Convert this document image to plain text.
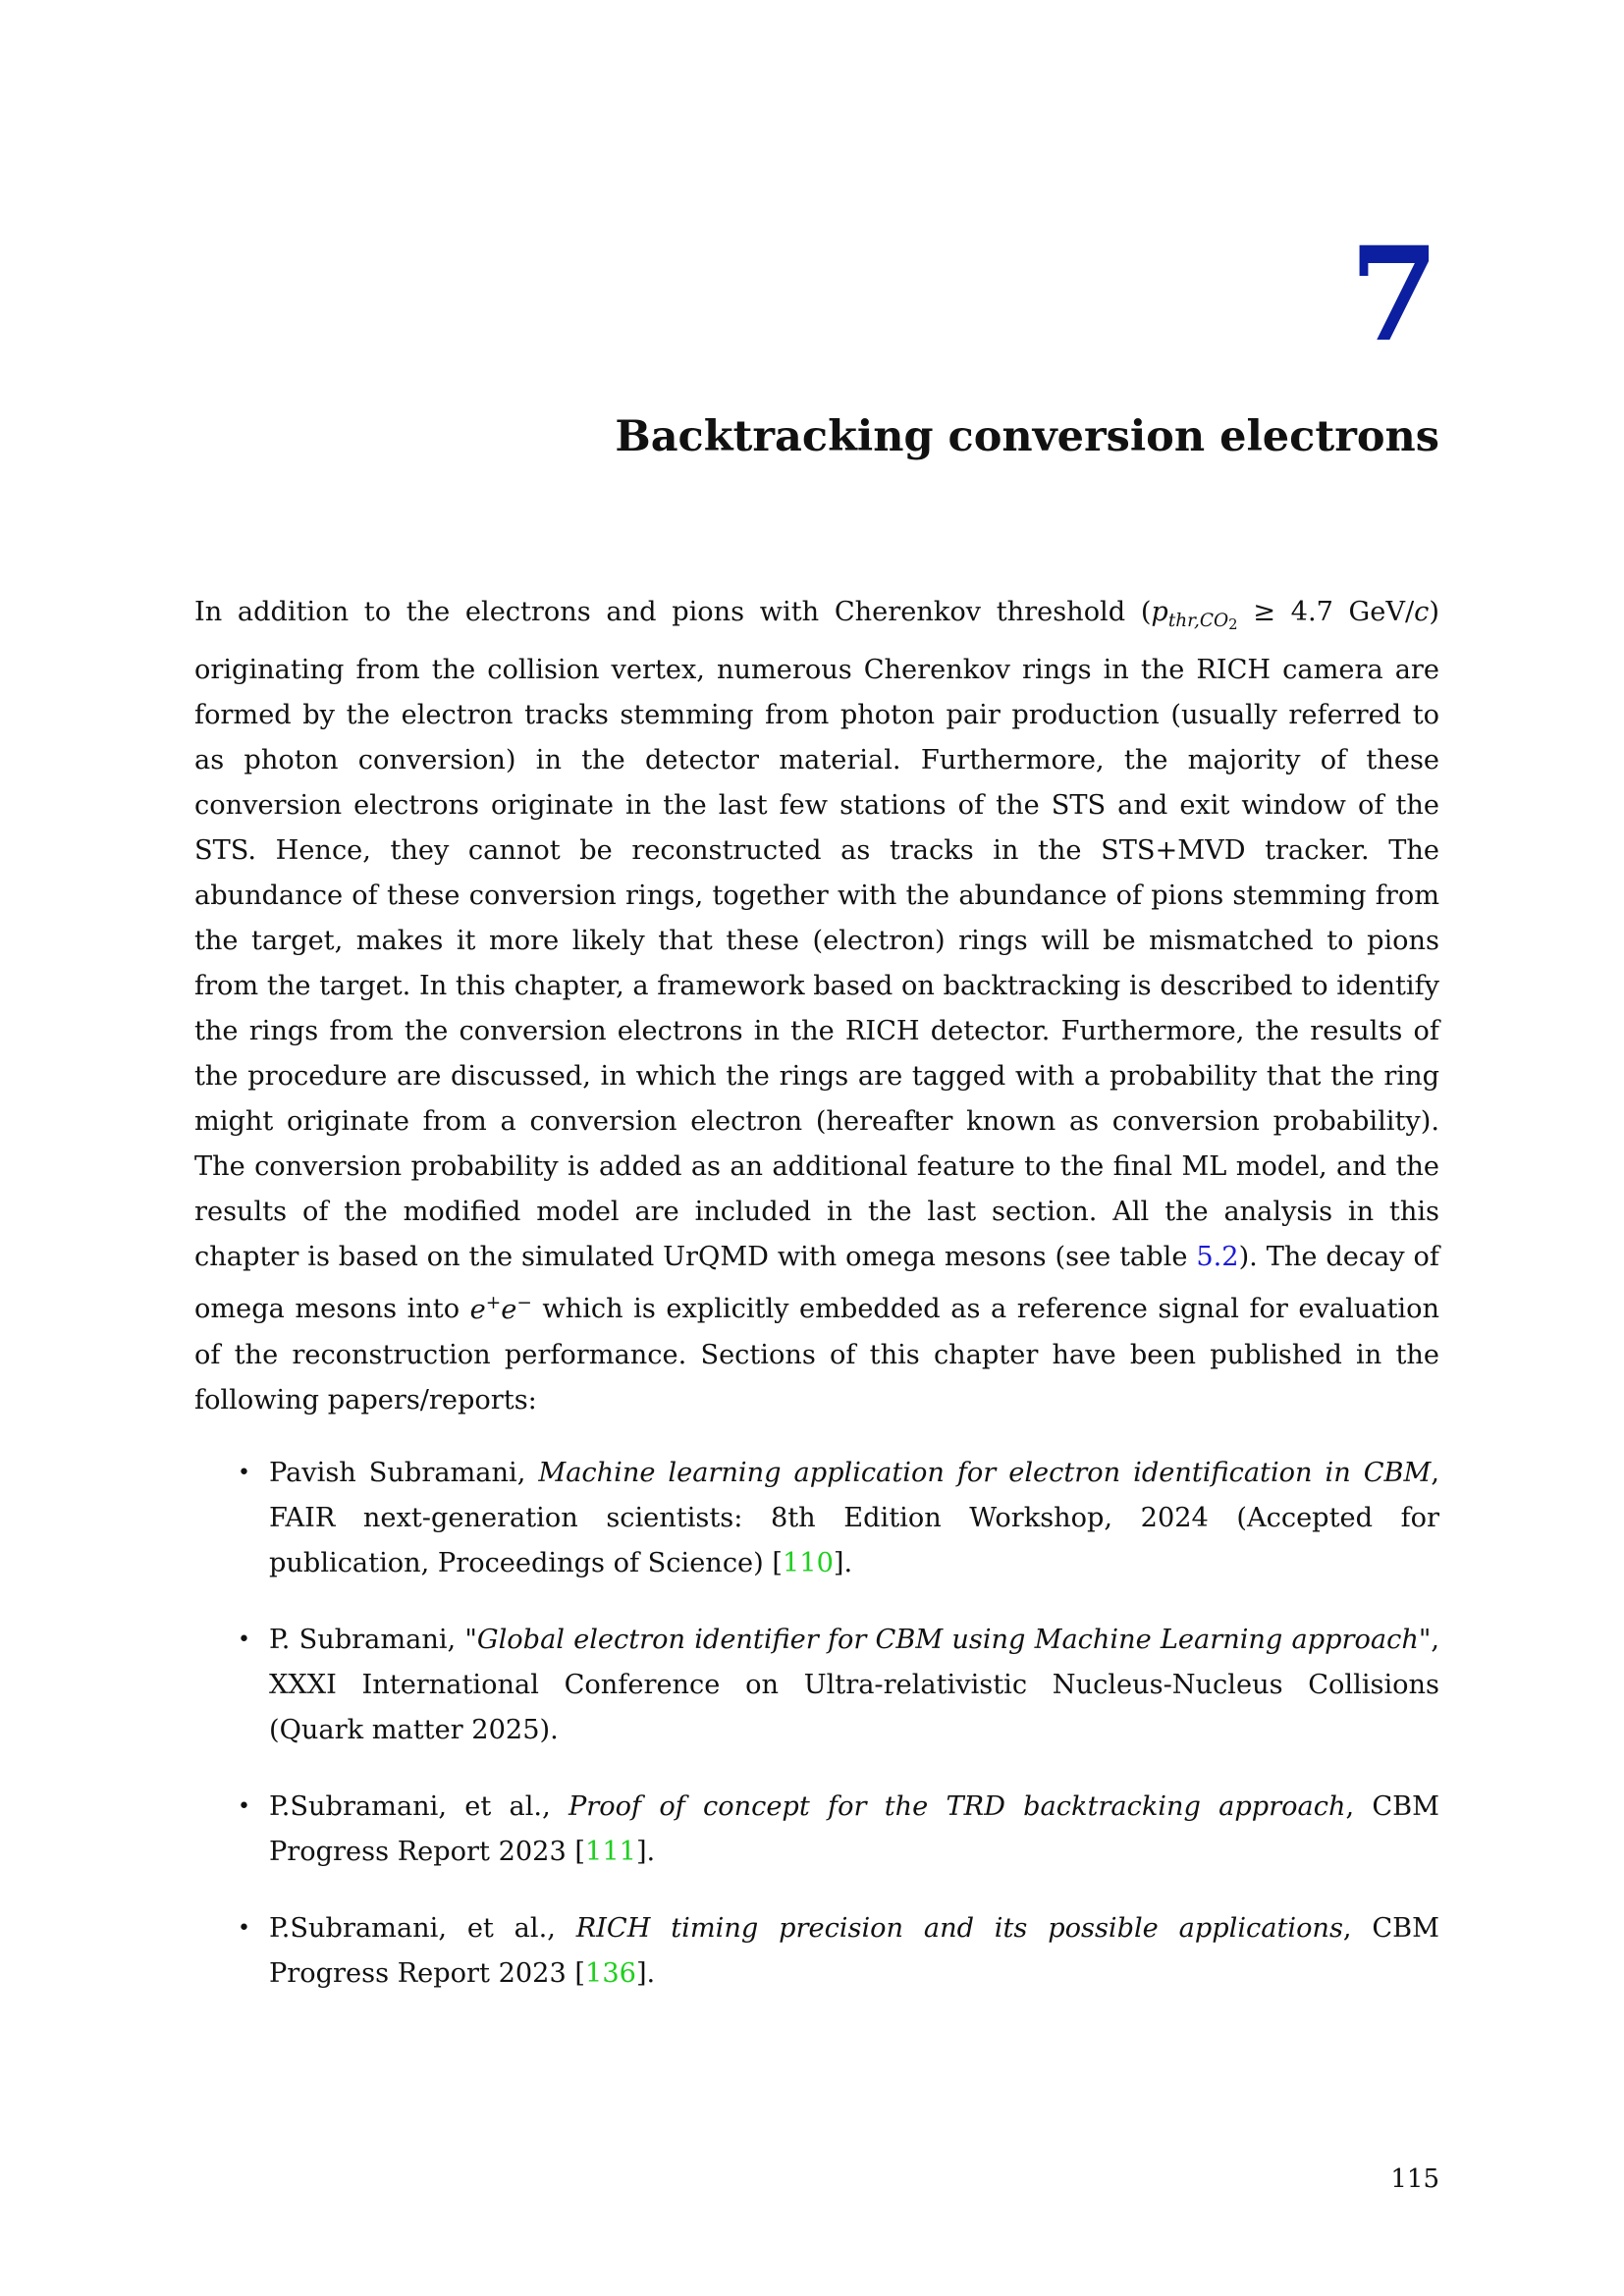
7
Backtracking conversion electrons

In addition to the electrons and pions with Cherenkov threshold ($p_{thr,CO2} \ge 4.7$ GeV/c) originating from the collision vertex, numerous Cherenkov rings in the RICH camera are formed by the electron tracks stemming from photon pair production (usually referred to as photon conversion) in the detector material. Furthermore, the majority of these conversion electrons originate in the last few stations of the STS and exit window of the STS. Hence, they cannot be reconstructed as tracks in the STS+MVD tracker. The abundance of these conversion rings, together with the abundance of pions stemming from the target, makes it more likely that these (electron) rings will be mismatched to pions from the target. In this chapter, a framework based on backtracking is described to identify the rings from the conversion electrons in the RICH detector. Furthermore, the results of the procedure are discussed, in which the rings are tagged with a probability that the ring might originate from a conversion electron (hereafter known as conversion probability). The conversion probability is added as an additional feature to the final ML model, and the results of the modified model are included in the last section. All the analysis in this chapter is based on the simulated UrQMD with omega mesons (see table 5.2). The decay of omega mesons into e+e− which is explicitly embedded as a reference signal for evaluation of the reconstruction performance. Sections of this chapter have been published in the following papers/reports:

• Pavish Subramani, Machine learning application for electron identification in CBM, FAIR next-generation scientists: 8th Edition Workshop, 2024 (Accepted for publication, Proceedings of Science) [110].
• P. Subramani, "Global electron identifier for CBM using Machine Learning approach", XXXI International Conference on Ultra-relativistic Nucleus-Nucleus Collisions (Quark matter 2025).
• P.Subramani, et al., Proof of concept for the TRD backtracking approach, CBM Progress Report 2023 [111].
• P.Subramani, et al., RICH timing precision and its possible applications, CBM Progress Report 2023 [136].
115
